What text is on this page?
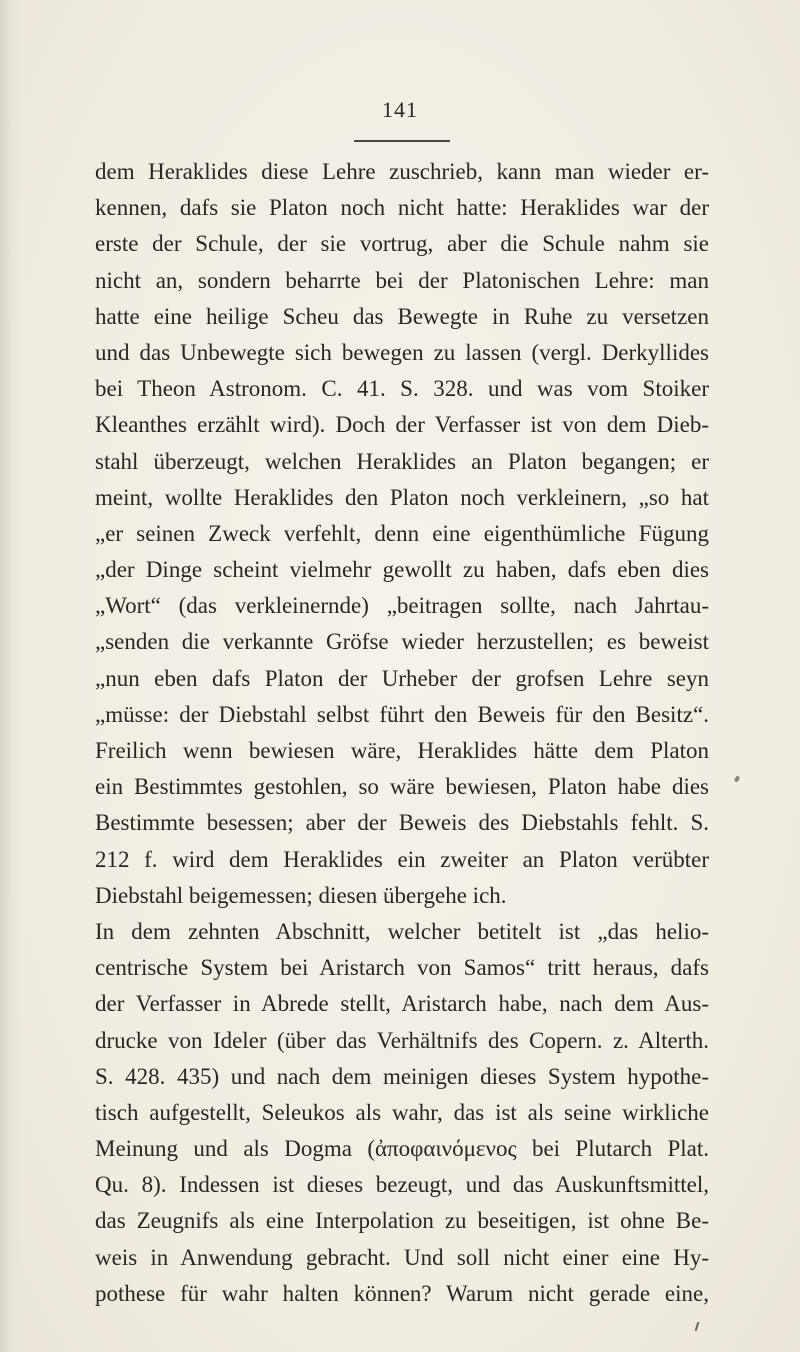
141
dem Heraklides diese Lehre zuschrieb, kann man wieder er-
kennen, dafs sie Platon noch nicht hatte: Heraklides war der
erste der Schule, der sie vortrug, aber die Schule nahm sie
nicht an, sondern beharrte bei der Platonischen Lehre: man
hatte eine heilige Scheu das Bewegte in Ruhe zu versetzen
und das Unbewegte sich bewegen zu lassen (vergl. Derkyllides
bei Theon Astronom. C. 41. S. 328. und was vom Stoiker
Kleanthes erzählt wird). Doch der Verfasser ist von dem Dieb-
stahl überzeugt, welchen Heraklides an Platon begangen; er
meint, wollte Heraklides den Platon noch verkleinern, „so hat
„er seinen Zweck verfehlt, denn eine eigenthümliche Fügung
„der Dinge scheint vielmehr gewollt zu haben, dafs eben dies
„Wort“ (das verkleinernde) „beitragen sollte, nach Jahrtau-
„senden die verkannte Gröfse wieder herzustellen; es beweist
„nun eben dafs Platon der Urheber der grofsen Lehre seyn
„müsse: der Diebstahl selbst führt den Beweis für den Besitz“.
Freilich wenn bewiesen wäre, Heraklides hätte dem Platon
ein Bestimmtes gestohlen, so wäre bewiesen, Platon habe dies
Bestimmte besessen; aber der Beweis des Diebstahls fehlt. S.
212 f. wird dem Heraklides ein zweiter an Platon verübter
Diebstahl beigemessen; diesen übergehe ich.
In dem zehnten Abschnitt, welcher betitelt ist „das helio-
centrische System bei Aristarch von Samos“ tritt heraus, dafs
der Verfasser in Abrede stellt, Aristarch habe, nach dem Aus-
drucke von Ideler (über das Verhältnifs des Copern. z. Alterth.
S. 428. 435) und nach dem meinigen dieses System hypothe-
tisch aufgestellt, Seleukos als wahr, das ist als seine wirkliche
Meinung und als Dogma (ἀποφαινόμενος bei Plutarch Plat.
Qu. 8). Indessen ist dieses bezeugt, und das Auskunftsmittel,
das Zeugnifs als eine Interpolation zu beseitigen, ist ohne Be-
weis in Anwendung gebracht. Und soll nicht einer eine Hy-
pothese für wahr halten können? Warum nicht gerade eine,
